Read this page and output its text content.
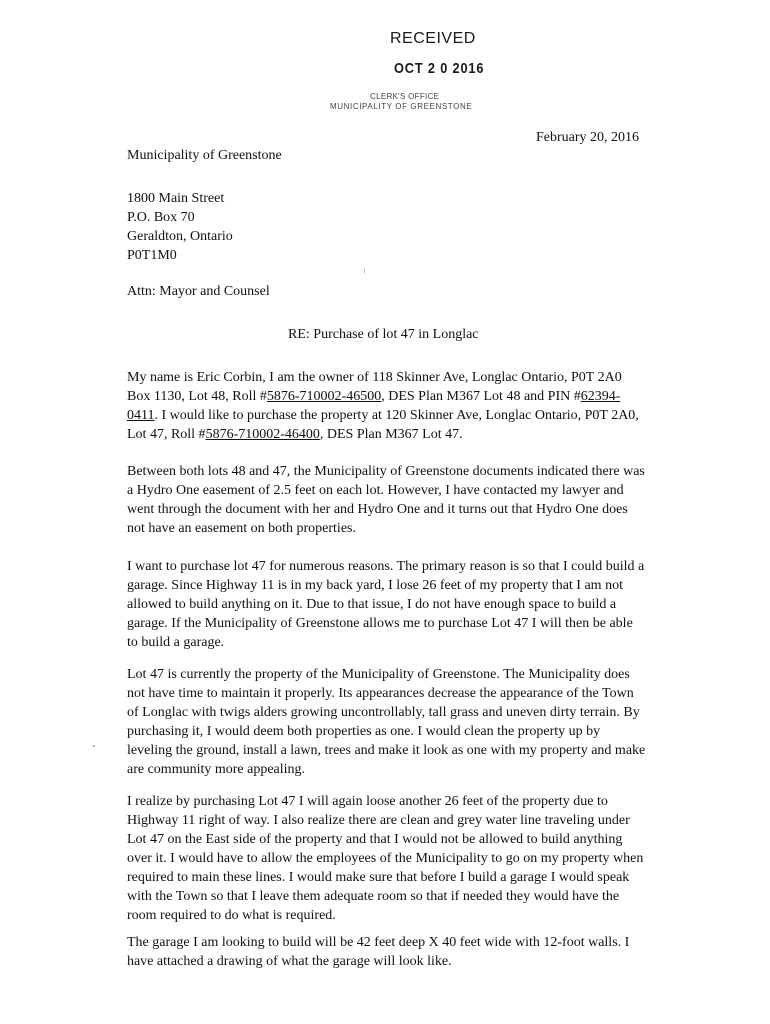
RECEIVED
OCT 2 0 2016
CLERK'S OFFICE
MUNICIPALITY OF GREENSTONE
February 20, 2016
Municipality of Greenstone
1800 Main Street
P.O. Box 70
Geraldton, Ontario
P0T1M0
Attn: Mayor and Counsel
RE: Purchase of lot 47 in Longlac

My name is Eric Corbin, I am the owner of 118 Skinner Ave, Longlac Ontario, P0T 2A0 Box 1130, Lot 48, Roll #5876-710002-46500, DES Plan M367 Lot 48 and PIN #62394-0411. I would like to purchase the property at 120 Skinner Ave, Longlac Ontario, P0T 2A0, Lot 47, Roll #5876-710002-46400, DES Plan M367 Lot 47.

Between both lots 48 and 47, the Municipality of Greenstone documents indicated there was a Hydro One easement of 2.5 feet on each lot. However, I have contacted my lawyer and went through the document with her and Hydro One and it turns out that Hydro One does not have an easement on both properties.

I want to purchase lot 47 for numerous reasons. The primary reason is so that I could build a garage. Since Highway 11 is in my back yard, I lose 26 feet of my property that I am not allowed to build anything on it. Due to that issue, I do not have enough space to build a garage. If the Municipality of Greenstone allows me to purchase Lot 47 I will then be able to build a garage.

Lot 47 is currently the property of the Municipality of Greenstone. The Municipality does not have time to maintain it properly. Its appearances decrease the appearance of the Town of Longlac with twigs alders growing uncontrollably, tall grass and uneven dirty terrain. By purchasing it, I would deem both properties as one. I would clean the property up by leveling the ground, install a lawn, trees and make it look as one with my property and make are community more appealing.

I realize by purchasing Lot 47 I will again loose another 26 feet of the property due to Highway 11 right of way. I also realize there are clean and grey water line traveling under Lot 47 on the East side of the property and that I would not be allowed to build anything over it. I would have to allow the employees of the Municipality to go on my property when required to main these lines. I would make sure that before I build a garage I would speak with the Town so that I leave them adequate room so that if needed they would have the room required to do what is required.

The garage I am looking to build will be 42 feet deep X 40 feet wide with 12-foot walls. I have attached a drawing of what the garage will look like.
